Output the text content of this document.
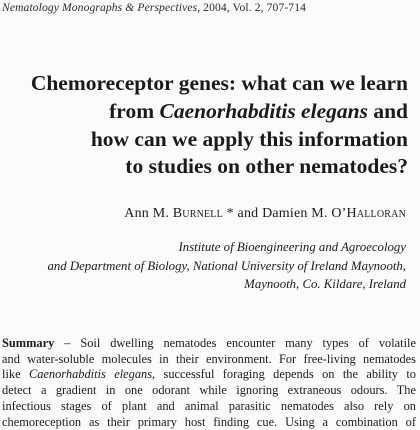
Nematology Monographs & Perspectives, 2004, Vol. 2, 707-714
Chemoreceptor genes: what can we learn
from Caenorhabditis elegans and
how can we apply this information
to studies on other nematodes?
Ann M. Burnell * and Damien M. O’Halloran
Institute of Bioengineering and Agroecology
and Department of Biology, National University of Ireland Maynooth,
Maynooth, Co. Kildare, Ireland
Summary – Soil dwelling nematodes encounter many types of volatile
and water-soluble molecules in their environment. For free-living nematodes
like Caenorhabditis elegans, successful foraging depends on the ability to
detect a gradient in one odorant while ignoring extraneous odours. The
infectious stages of plant and animal parasitic nematodes also rely on
chemoreception as their primary host finding cue. Using a combination of
